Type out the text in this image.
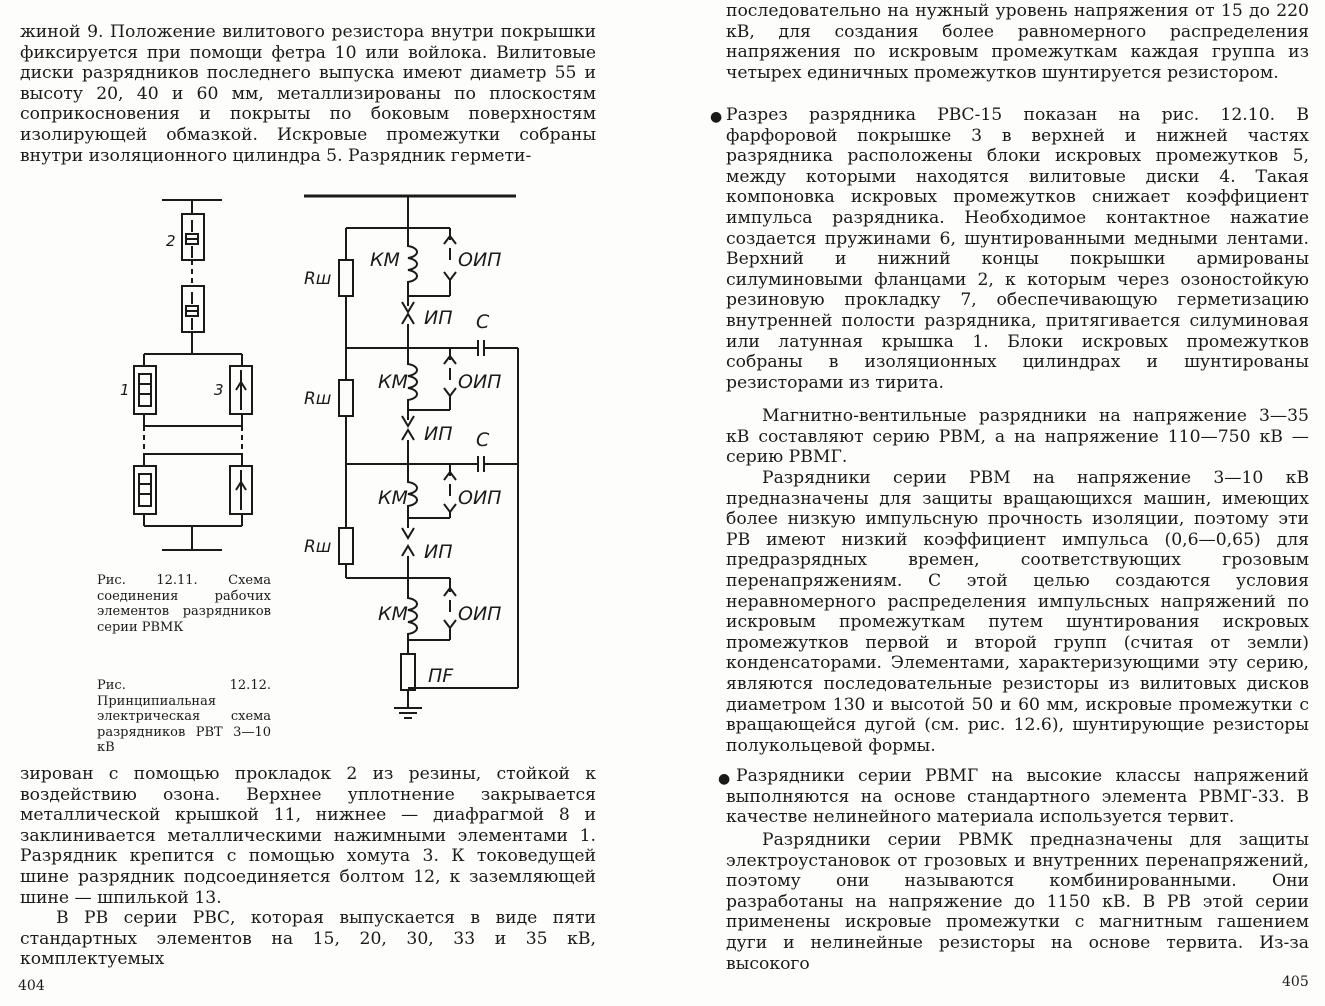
жиной 9. Положение вилитового резистора внутри покрышки фиксируется при помощи фетра 10 или войлока. Вилитовые диски разрядников последнего выпуска имеют диаметр 55 и высоту 20, 40 и 60 мм, металлизированы по плоскостям соприкосновения и покрыты по боковым поверхностям изолирующей обмазкой. Искровые промежутки собраны внутри изоляционного цилиндра 5. Разрядник гермети-

2
1	3

Рис. 12.11. Схема соединения рабочих элементов разрядников серии РВМК

Рис. 12.12. Принципиальная электрическая схема разрядников РВТ 3—10 кВ

Rш
Rш
Rш
КМ
КМ
КМ
КМ
ОИП
ОИП
ОИП
ОИП
ИП
ИП
ИП
С
С
ПF

зирован с помощью прокладок 2 из резины, стойкой к воздействию озона. Верхнее уплотнение закрывается металлической крышкой 11, нижнее — диафрагмой 8 и заклинивается металлическими нажимными элементами 1. Разрядник крепится с помощью хомута 3. К токоведущей шине разрядник подсоединяется болтом 12, к заземляющей шине — шпилькой 13.

В РВ серии РВС, которая выпускается в виде пяти стандартных элементов на 15, 20, 30, 33 и 35 кВ, комплектуемых

404

последовательно на нужный уровень напряжения от 15 до 220 кВ, для создания более равномерного распределения напряжения по искровым промежуткам каждая группа из четырех единичных промежутков шунтируется резистором.

● Разрез разрядника РВС-15 показан на рис. 12.10. В фарфоровой покрышке 3 в верхней и нижней частях разрядника расположены блоки искровых промежутков 5, между которыми находятся вилитовые диски 4. Такая компоновка искровых промежутков снижает коэффициент импульса разрядника. Необходимое контактное нажатие создается пружинами 6, шунтированными медными лентами. Верхний и нижний концы покрышки армированы силуминовыми фланцами 2, к которым через озоностойкую резиновую прокладку 7, обеспечивающую герметизацию внутренней полости разрядника, притягивается силуминовая или латунная крышка 1. Блоки искровых промежутков собраны в изоляционных цилиндрах и шунтированы резисторами из тирита.

Магнитно-вентильные разрядники на напряжение 3—35 кВ составляют серию РВМ, а на напряжение 110—750 кВ — серию РВМГ.

Разрядники серии РВМ на напряжение 3—10 кВ предназначены для защиты вращающихся машин, имеющих более низкую импульсную прочность изоляции, поэтому эти РВ имеют низкий коэффициент импульса (0,6—0,65) для предразрядных времен, соответствующих грозовым перенапряжениям. С этой целью создаются условия неравномерного распределения импульсных напряжений по искровым промежуткам путем шунтирования искровых промежутков первой и второй групп (считая от земли) конденсаторами. Элементами, характеризующими эту серию, являются последовательные резисторы из вилитовых дисков диаметром 130 и высотой 50 и 60 мм, искровые промежутки с вращающейся дугой (см. рис. 12.6), шунтирующие резисторы полукольцевой формы.

● Разрядники серии РВМГ на высокие классы напряжений выполняются на основе стандартного элемента РВМГ-33. В качестве нелинейного материала используется тервит.

Разрядники серии РВМК предназначены для защиты электроустановок от грозовых и внутренних перенапряжений, поэтому они называются комбинированными. Они разработаны на напряжение до 1150 кВ. В РВ этой серии применены искровые промежутки с магнитным гашением дуги и нелинейные резисторы на основе тервита. Из-за высокого

405
